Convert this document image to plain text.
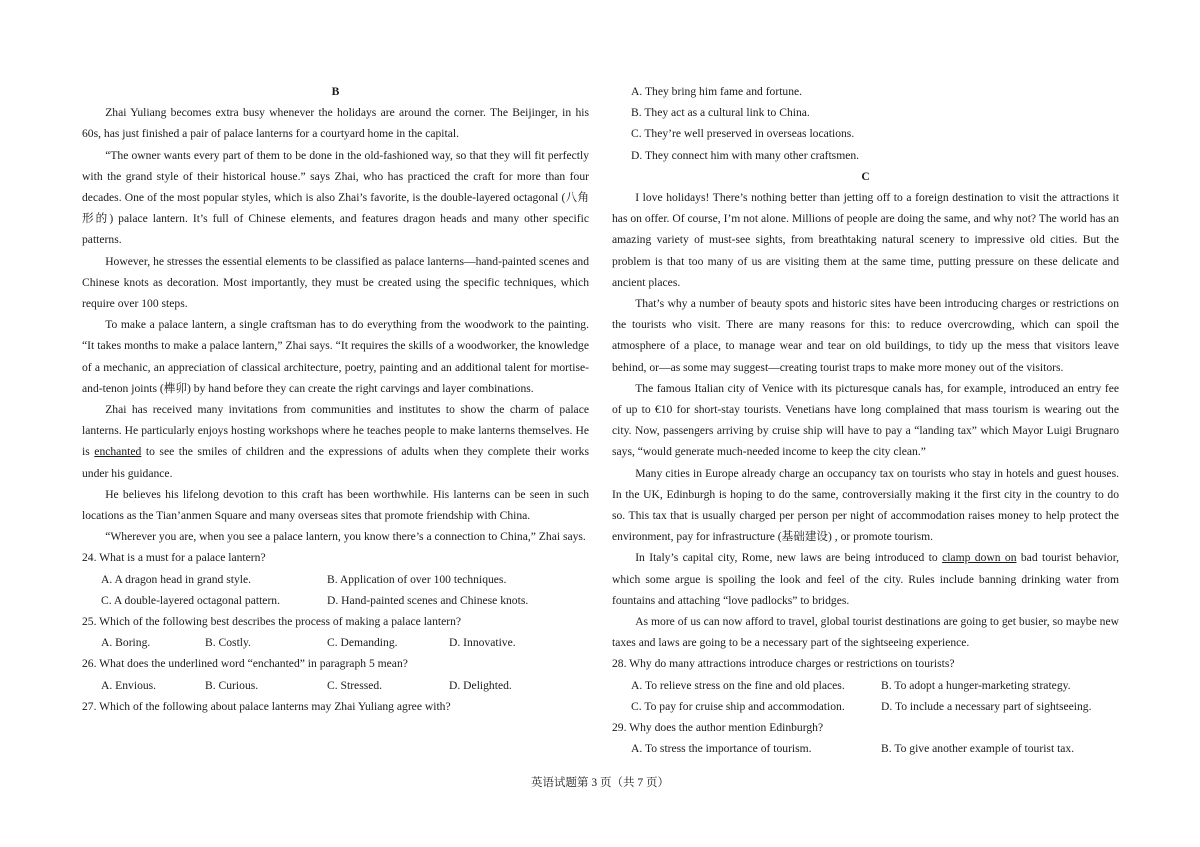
B

Zhai Yuliang becomes extra busy whenever the holidays are around the corner. The Beijinger, in his 60s, has just finished a pair of palace lanterns for a courtyard home in the capital.

“The owner wants every part of them to be done in the old-fashioned way, so that they will fit perfectly with the grand style of their historical house.” says Zhai, who has practiced the craft for more than four decades. One of the most popular styles, which is also Zhai’s favorite, is the double-layered octagonal (八角形的) palace lantern. It’s full of Chinese elements, and features dragon heads and many other specific patterns.

However, he stresses the essential elements to be classified as palace lanterns—hand-painted scenes and Chinese knots as decoration. Most importantly, they must be created using the specific techniques, which require over 100 steps.

To make a palace lantern, a single craftsman has to do everything from the woodwork to the painting. “It takes months to make a palace lantern,” Zhai says. “It requires the skills of a woodworker, the knowledge of a mechanic, an appreciation of classical architecture, poetry, painting and an additional talent for mortise-and-tenon joints (榫卯) by hand before they can create the right carvings and layer combinations.

Zhai has received many invitations from communities and institutes to show the charm of palace lanterns. He particularly enjoys hosting workshops where he teaches people to make lanterns themselves. He is enchanted to see the smiles of children and the expressions of adults when they complete their works under his guidance.

He believes his lifelong devotion to this craft has been worthwhile. His lanterns can be seen in such locations as the Tian’anmen Square and many overseas sites that promote friendship with China.

“Wherever you are, when you see a palace lantern, you know there’s a connection to China,” Zhai says.

24. What is a must for a palace lantern?

A. A dragon head in grand style.	B. Application of over 100 techniques.
C. A double-layered octagonal pattern.	D. Hand-painted scenes and Chinese knots.

25. Which of the following best describes the process of making a palace lantern?

A. Boring.	B. Costly.	C. Demanding.	D. Innovative.

26. What does the underlined word “enchanted” in paragraph 5 mean?

A. Envious.	B. Curious.	C. Stressed.	D. Delighted.

27. Which of the following about palace lanterns may Zhai Yuliang agree with?

A. They bring him fame and fortune.
B. They act as a cultural link to China.
C. They’re well preserved in overseas locations.
D. They connect him with many other craftsmen.

C

I love holidays! There’s nothing better than jetting off to a foreign destination to visit the attractions it has on offer. Of course, I’m not alone. Millions of people are doing the same, and why not? The world has an amazing variety of must-see sights, from breathtaking natural scenery to impressive old cities. But the problem is that too many of us are visiting them at the same time, putting pressure on these delicate and ancient places.

That’s why a number of beauty spots and historic sites have been introducing charges or restrictions on the tourists who visit. There are many reasons for this: to reduce overcrowding, which can spoil the atmosphere of a place, to manage wear and tear on old buildings, to tidy up the mess that visitors leave behind, or—as some may suggest—creating tourist traps to make more money out of the visitors.

The famous Italian city of Venice with its picturesque canals has, for example, introduced an entry fee of up to €10 for short-stay tourists. Venetians have long complained that mass tourism is wearing out the city. Now, passengers arriving by cruise ship will have to pay a “landing tax” which Mayor Luigi Brugnaro says, “would generate much-needed income to keep the city clean.”

Many cities in Europe already charge an occupancy tax on tourists who stay in hotels and guest houses. In the UK, Edinburgh is hoping to do the same, controversially making it the first city in the country to do so. This tax that is usually charged per person per night of accommodation raises money to help protect the environment, pay for infrastructure (基础建设) , or promote tourism.

In Italy’s capital city, Rome, new laws are being introduced to clamp down on bad tourist behavior, which some argue is spoiling the look and feel of the city. Rules include banning drinking water from fountains and attaching “love padlocks” to bridges.

As more of us can now afford to travel, global tourist destinations are going to get busier, so maybe new taxes and laws are going to be a necessary part of the sightseeing experience.

28. Why do many attractions introduce charges or restrictions on tourists?

A. To relieve stress on the fine and old places.	B. To adopt a hunger-marketing strategy.
C. To pay for cruise ship and accommodation.	D. To include a necessary part of sightseeing.

29. Why does the author mention Edinburgh?

A. To stress the importance of tourism.	B. To give another example of tourist tax.
英语试题第 3 页（共 7 页）
